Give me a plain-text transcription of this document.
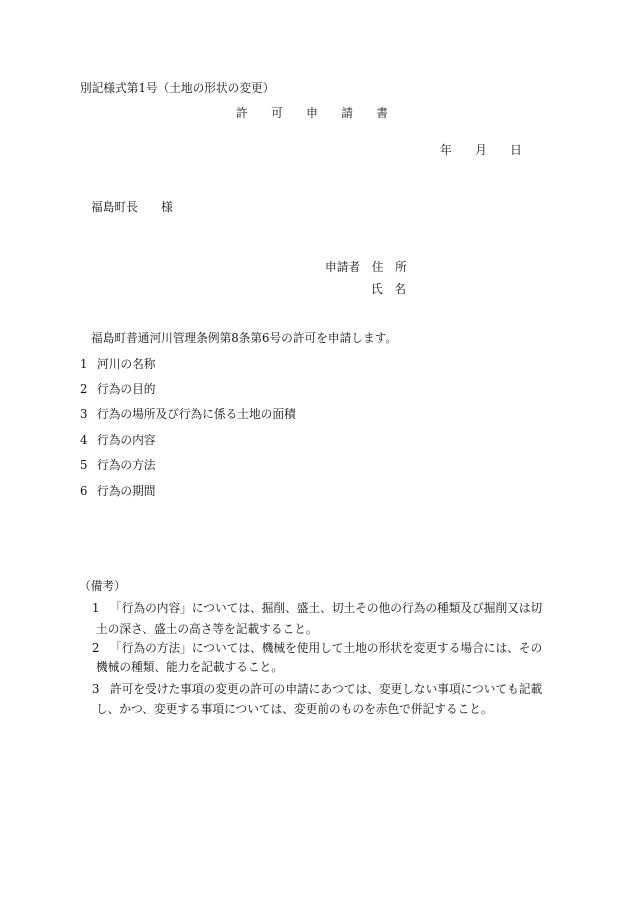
別記様式第1号（土地の形状の変更）
許　　可　　申　　請　　書
年　　月　　日
福島町長　　様
申請者　住　所
氏　名
福島町普通河川管理条例第8条第6号の許可を申請します。
1 河川の名称
2 行為の目的
3 行為の場所及び行為に係る土地の面積
4 行為の内容
5 行為の方法
6 行為の期間
（備考）
1 「行為の内容」については、掘削、盛土、切土その他の行為の種類及び掘削又は切
土の深さ、盛土の高さ等を記載すること。
2 「行為の方法」については、機械を使用して土地の形状を変更する場合には、その
機械の種類、能力を記載すること。
3 許可を受けた事項の変更の許可の申請にあつては、変更しない事項についても記載
し、かつ、変更する事項については、変更前のものを赤色で併記すること。
